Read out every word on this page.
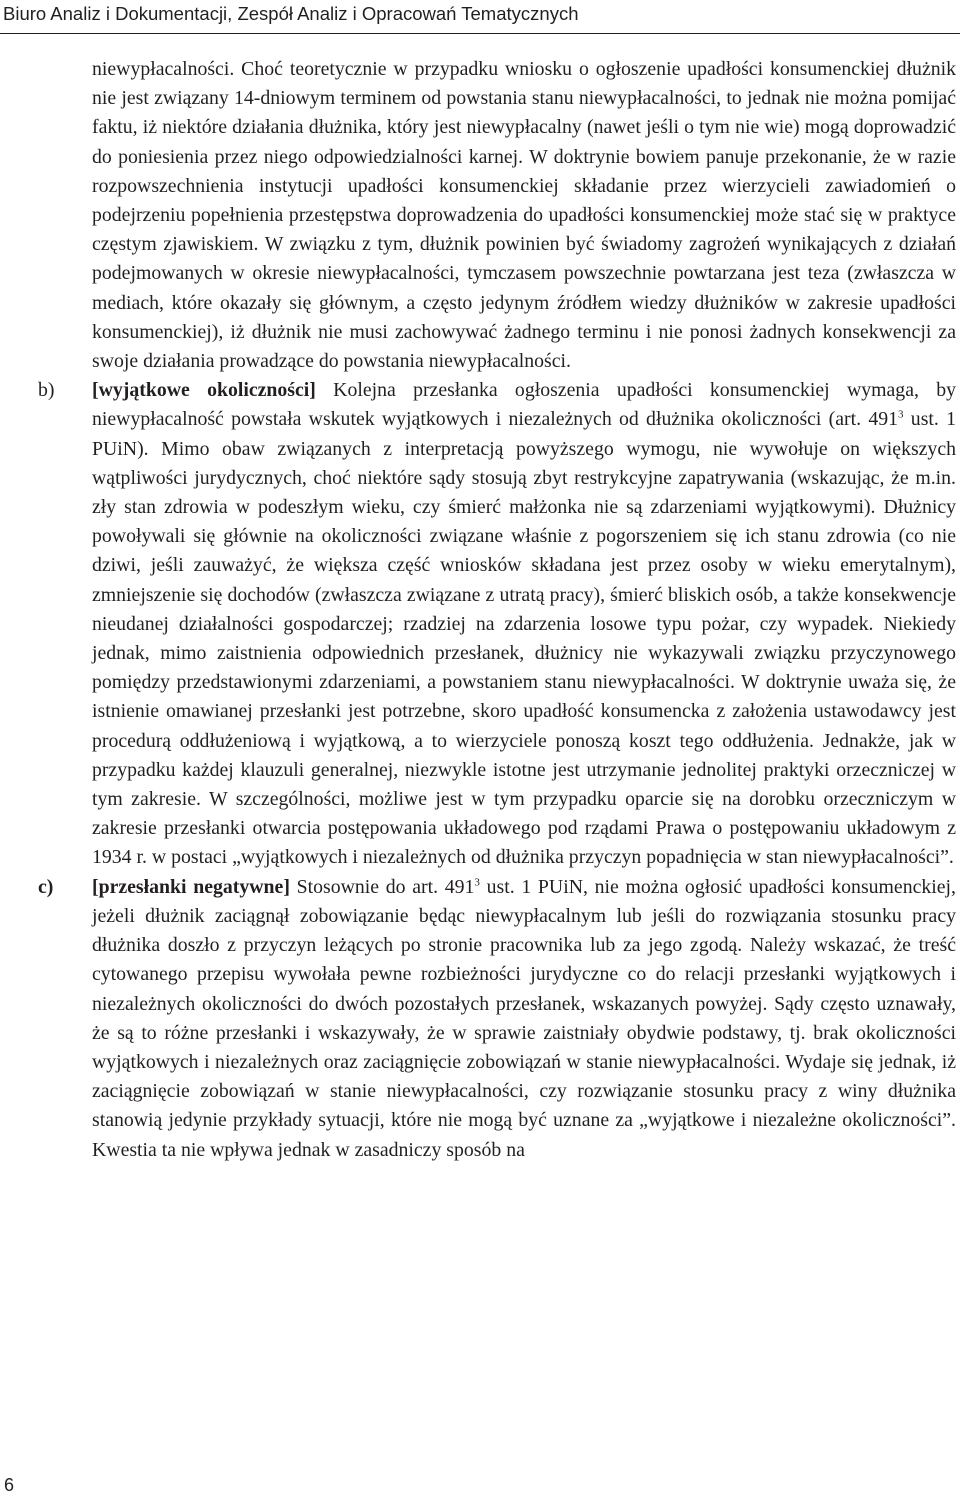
Biuro Analiz i Dokumentacji, Zespół Analiz i Opracowań Tematycznych

niewypłacalności. Choć teoretycznie w przypadku wniosku o ogłoszenie upadłości konsumenckiej dłużnik nie jest związany 14-dniowym terminem od powstania stanu niewypłacalności, to jednak nie można pomijać faktu, iż niektóre działania dłużnika, który jest niewypłacalny (nawet jeśli o tym nie wie) mogą doprowadzić do poniesienia przez niego odpowiedzialności karnej. W doktrynie bowiem panuje przekonanie, że w razie rozpowszechnienia instytucji upadłości konsumenckiej składanie przez wierzycieli zawiadomień o podejrzeniu popełnienia przestępstwa doprowadzenia do upadłości konsumenckiej może stać się w praktyce częstym zjawiskiem. W związku z tym, dłużnik powinien być świadomy zagrożeń wynikających z działań podejmowanych w okresie niewypłacalności, tymczasem powszechnie powtarzana jest teza (zwłaszcza w mediach, które okazały się głównym, a często jedynym źródłem wiedzy dłużników w zakresie upadłości konsumenckiej), iż dłużnik nie musi zachowywać żadnego terminu i nie ponosi żadnych konsekwencji za swoje działania prowadzące do powstania niewypłacalności.

b) [wyjątkowe okoliczności] Kolejna przesłanka ogłoszenia upadłości konsumenckiej wymaga, by niewypłacalność powstała wskutek wyjątkowych i niezależnych od dłużnika okoliczności (art. $491^3$ ust. 1 PUiN). Mimo obaw związanych z interpretacją powyższego wymogu, nie wywołuje on większych wątpliwości jurydycznych, choć niektóre sądy stosują zbyt restrykcyjne zapatrywania (wskazując, że m.in. zły stan zdrowia w podeszłym wieku, czy śmierć małżonka nie są zdarzeniami wyjątkowymi). Dłużnicy powoływali się głównie na okoliczności związane właśnie z pogorszeniem się ich stanu zdrowia (co nie dziwi, jeśli zauważyć, że większa część wniosków składana jest przez osoby w wieku emerytalnym), zmniejszenie się dochodów (zwłaszcza związane z utratą pracy), śmierć bliskich osób, a także konsekwencje nieudanej działalności gospodarczej; rzadziej na zdarzenia losowe typu pożar, czy wypadek. Niekiedy jednak, mimo zaistnienia odpowiednich przesłanek, dłużnicy nie wykazywali związku przyczynowego pomiędzy przedstawionymi zdarzeniami, a powstaniem stanu niewypłacalności. W doktrynie uważa się, że istnienie omawianej przesłanki jest potrzebne, skoro upadłość konsumencka z założenia ustawodawcy jest procedurą oddłużeniową i wyjątkową, a to wierzyciele ponoszą koszt tego oddłużenia. Jednakże, jak w przypadku każdej klauzuli generalnej, niezwykle istotne jest utrzymanie jednolitej praktyki orzeczniczej w tym zakresie. W szczególności, możliwe jest w tym przypadku oparcie się na dorobku orzeczniczym w zakresie przesłanki otwarcia postępowania układowego pod rządami Prawa o postępowaniu układowym z 1934 r. w postaci „wyjątkowych i niezależnych od dłużnika przyczyn popadnięcia w stan niewypłacalności”.

c) [przesłanki negatywne] Stosownie do art. $491^3$ ust. 1 PUiN, nie można ogłosić upadłości konsumenckiej, jeżeli dłużnik zaciągnął zobowiązanie będąc niewypłacalnym lub jeśli do rozwiązania stosunku pracy dłużnika doszło z przyczyn leżących po stronie pracownika lub za jego zgodą. Należy wskazać, że treść cytowanego przepisu wywołała pewne rozbieżności jurydyczne co do relacji przesłanki wyjątkowych i niezależnych okoliczności do dwóch pozostałych przesłanek, wskazanych powyżej. Sądy często uznawały, że są to różne przesłanki i wskazywały, że w sprawie zaistniały obydwie podstawy, tj. brak okoliczności wyjątkowych i niezależnych oraz zaciągnięcie zobowiązań w stanie niewypłacalności. Wydaje się jednak, iż zaciągnięcie zobowiązań w stanie niewypłacalności, czy rozwiązanie stosunku pracy z winy dłużnika stanowią jedynie przykłady sytuacji, które nie mogą być uznane za „wyjątkowe i niezależne okoliczności”. Kwestia ta nie wpływa jednak w zasadniczy sposób na

6
